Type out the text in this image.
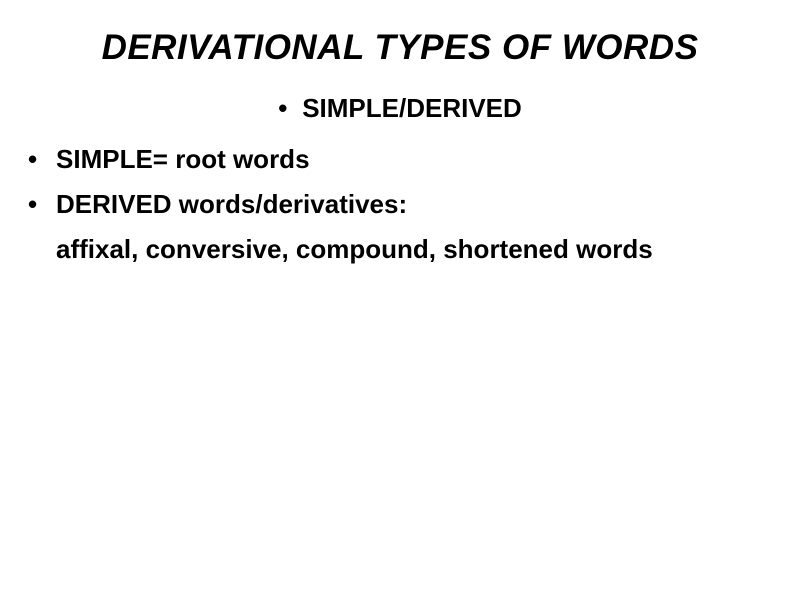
DERIVATIONAL TYPES OF WORDS
• SIMPLE/DERIVED
• SIMPLE= root words
• DERIVED words/derivatives:
affixal, conversive, compound, shortened words
